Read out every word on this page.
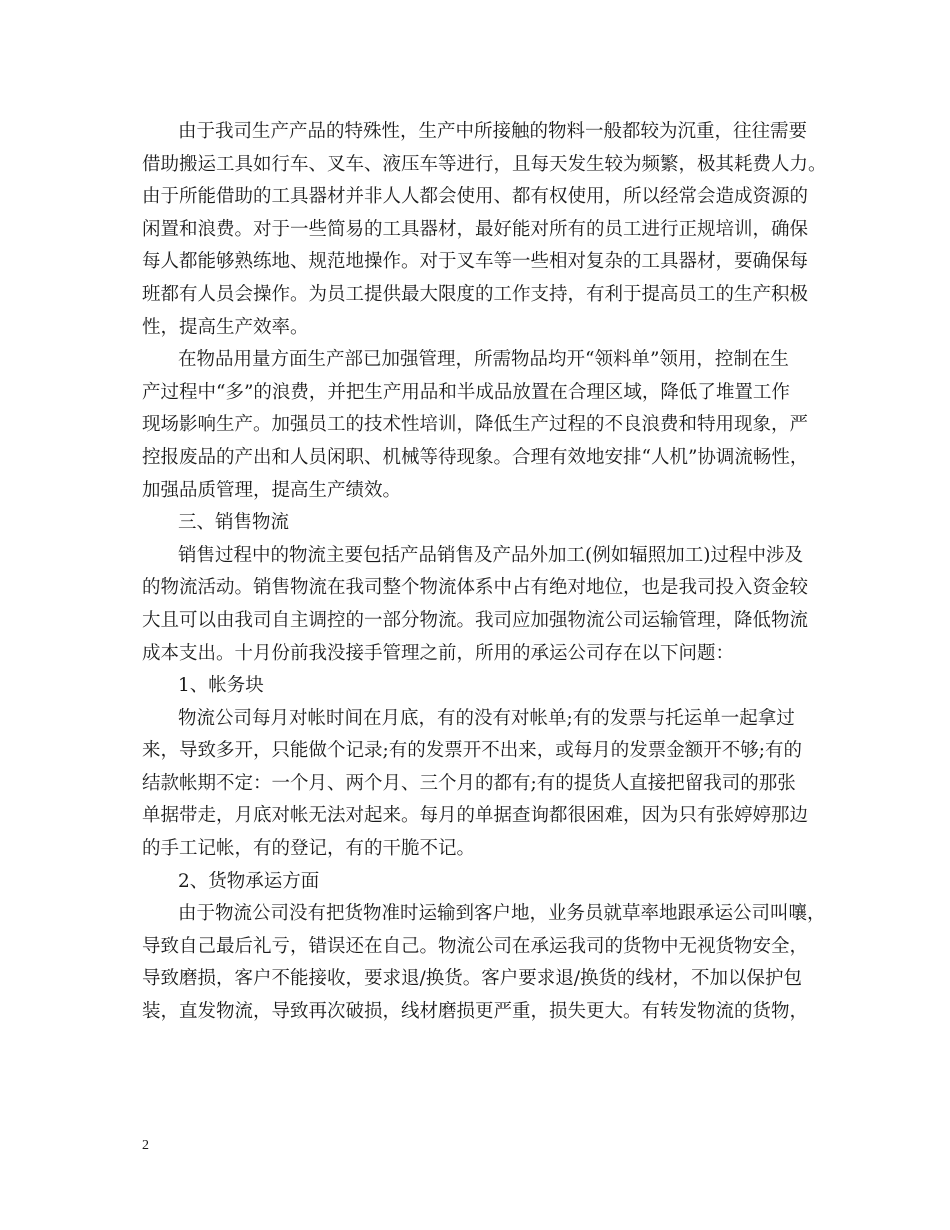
由于我司生产产品的特殊性，生产中所接触的物料一般都较为沉重，往往需要
借助搬运工具如行车、叉车、液压车等进行，且每天发生较为频繁，极其耗费人力。
由于所能借助的工具器材并非人人都会使用、都有权使用，所以经常会造成资源的
闲置和浪费。对于一些简易的工具器材，最好能对所有的员工进行正规培训，确保
每人都能够熟练地、规范地操作。对于叉车等一些相对复杂的工具器材，要确保每
班都有人员会操作。为员工提供最大限度的工作支持，有利于提高员工的生产积极
性，提高生产效率。
在物品用量方面生产部已加强管理，所需物品均开“领料单”领用，控制在生
产过程中“多”的浪费，并把生产用品和半成品放置在合理区域，降低了堆置工作
现场影响生产。加强员工的技术性培训，降低生产过程的不良浪费和特用现象，严
控报废品的产出和人员闲职、机械等待现象。合理有效地安排“人机”协调流畅性，
加强品质管理，提高生产绩效。
三、销售物流
销售过程中的物流主要包括产品销售及产品外加工(例如辐照加工)过程中涉及
的物流活动。销售物流在我司整个物流体系中占有绝对地位，也是我司投入资金较
大且可以由我司自主调控的一部分物流。我司应加强物流公司运输管理，降低物流
成本支出。十月份前我没接手管理之前，所用的承运公司存在以下问题：
1、帐务块
物流公司每月对帐时间在月底，有的没有对帐单;有的发票与托运单一起拿过
来，导致多开，只能做个记录;有的发票开不出来，或每月的发票金额开不够;有的
结款帐期不定：一个月、两个月、三个月的都有;有的提货人直接把留我司的那张
单据带走，月底对帐无法对起来。每月的单据查询都很困难，因为只有张婷婷那边
的手工记帐，有的登记，有的干脆不记。
2、货物承运方面
由于物流公司没有把货物准时运输到客户地，业务员就草率地跟承运公司叫嚷，
导致自己最后礼亏，错误还在自己。物流公司在承运我司的货物中无视货物安全，
导致磨损，客户不能接收，要求退/换货。客户要求退/换货的线材，不加以保护包
装，直发物流，导致再次破损，线材磨损更严重，损失更大。有转发物流的货物，
2
